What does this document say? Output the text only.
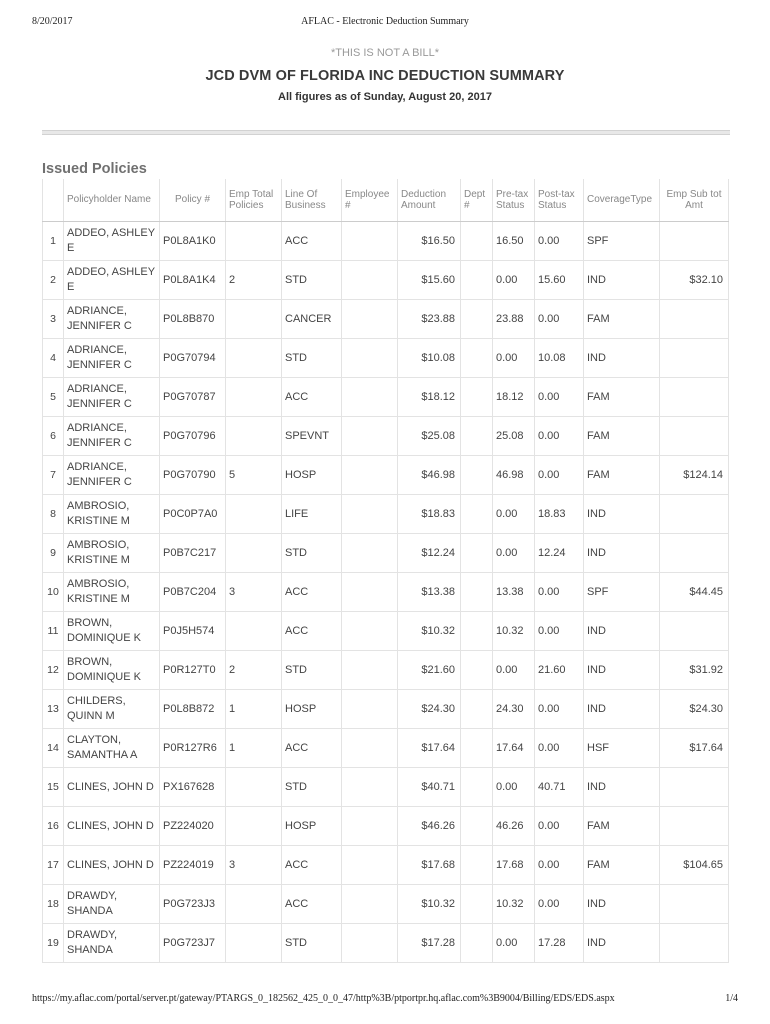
8/20/2017	AFLAC - Electronic Deduction Summary
*THIS IS NOT A BILL*
JCD DVM OF FLORIDA INC DEDUCTION SUMMARY
All figures as of Sunday, August 20, 2017
Issued Policies
	Policyholder Name	Policy #	Emp Total Policies	Line Of Business	Employee #	Deduction Amount	Dept #	Pre-tax Status	Post-tax Status	CoverageType	Emp Sub tot Amt
1	ADDEO, ASHLEY E	P0L8A1K0		ACC		$16.50		16.50	0.00	SPF	
2	ADDEO, ASHLEY E	P0L8A1K4	2	STD		$15.60		0.00	15.60	IND	$32.10
3	ADRIANCE, JENNIFER C	P0L8B870		CANCER		$23.88		23.88	0.00	FAM	
4	ADRIANCE, JENNIFER C	P0G70794		STD		$10.08		0.00	10.08	IND	
5	ADRIANCE, JENNIFER C	P0G70787		ACC		$18.12		18.12	0.00	FAM	
6	ADRIANCE, JENNIFER C	P0G70796		SPEVNT		$25.08		25.08	0.00	FAM	
7	ADRIANCE, JENNIFER C	P0G70790	5	HOSP		$46.98		46.98	0.00	FAM	$124.14
8	AMBROSIO, KRISTINE M	P0C0P7A0		LIFE		$18.83		0.00	18.83	IND	
9	AMBROSIO, KRISTINE M	P0B7C217		STD		$12.24		0.00	12.24	IND	
10	AMBROSIO, KRISTINE M	P0B7C204	3	ACC		$13.38		13.38	0.00	SPF	$44.45
11	BROWN, DOMINIQUE K	P0J5H574		ACC		$10.32		10.32	0.00	IND	
12	BROWN, DOMINIQUE K	P0R127T0	2	STD		$21.60		0.00	21.60	IND	$31.92
13	CHILDERS, QUINN M	P0L8B872	1	HOSP		$24.30		24.30	0.00	IND	$24.30
14	CLAYTON, SAMANTHA A	P0R127R6	1	ACC		$17.64		17.64	0.00	HSF	$17.64
15	CLINES, JOHN D	PX167628		STD		$40.71		0.00	40.71	IND	
16	CLINES, JOHN D	PZ224020		HOSP		$46.26		46.26	0.00	FAM	
17	CLINES, JOHN D	PZ224019	3	ACC		$17.68		17.68	0.00	FAM	$104.65
18	DRAWDY, SHANDA	P0G723J3		ACC		$10.32		10.32	0.00	IND	
19	DRAWDY, SHANDA	P0G723J7		STD		$17.28		0.00	17.28	IND	
https://my.aflac.com/portal/server.pt/gateway/PTARGS_0_182562_425_0_0_47/http%3B/ptportpr.hq.aflac.com%3B9004/Billing/EDS/EDS.aspx	1/4
